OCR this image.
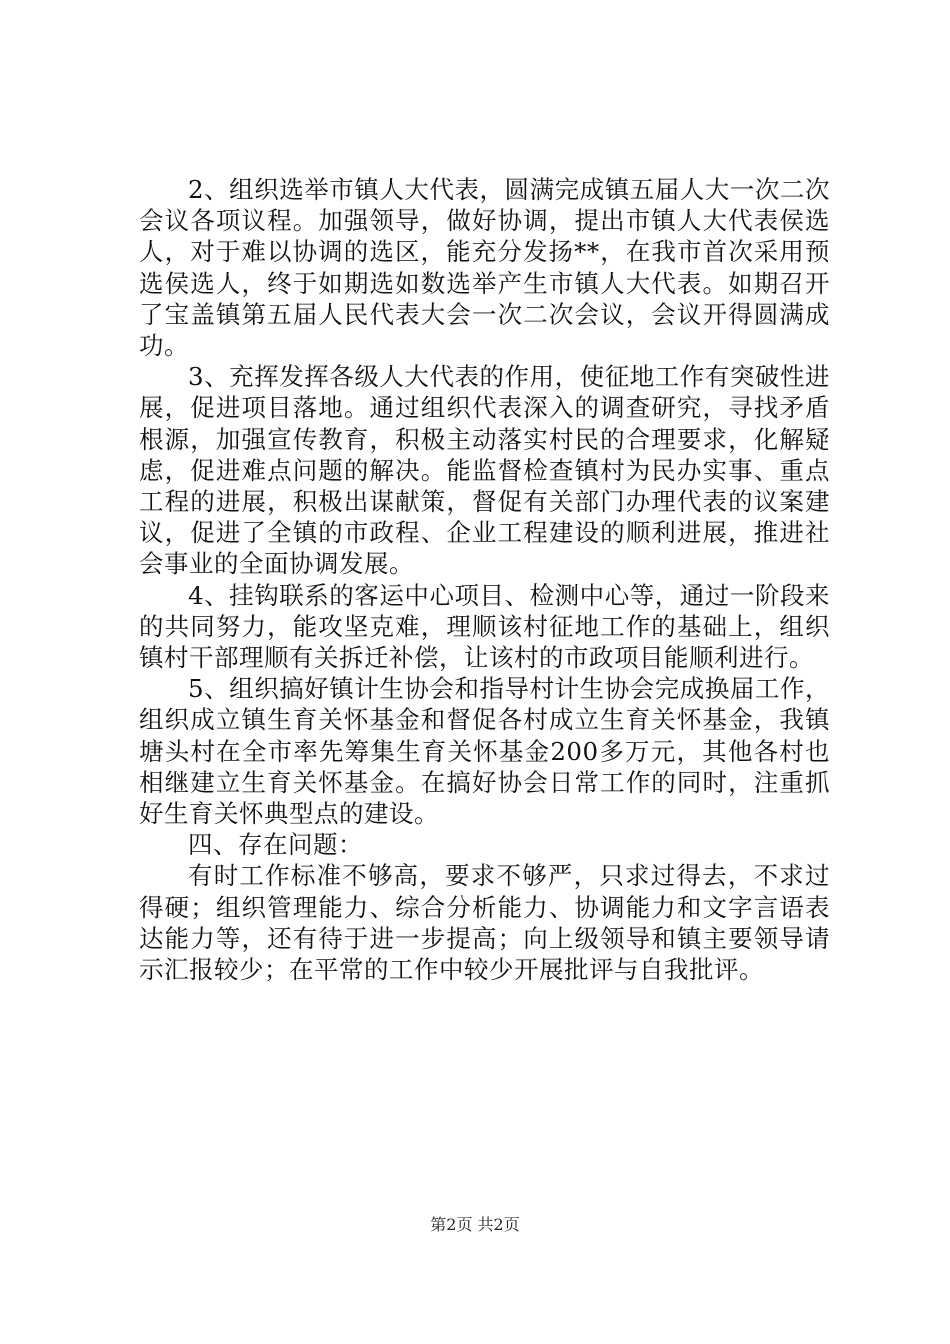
2、组织选举市镇人大代表，圆满完成镇五届人大一次二次会议各项议程。加强领导，做好协调，提出市镇人大代表侯选人，对于难以协调的选区，能充分发扬**，在我市首次采用预选侯选人，终于如期选如数选举产生市镇人大代表。如期召开了宝盖镇第五届人民代表大会一次二次会议，会议开得圆满成功。

3、充挥发挥各级人大代表的作用，使征地工作有突破性进展，促进项目落地。通过组织代表深入的调查研究，寻找矛盾根源，加强宣传教育，积极主动落实村民的合理要求，化解疑虑，促进难点问题的解决。能监督检查镇村为民办实事、重点工程的进展，积极出谋献策，督促有关部门办理代表的议案建议，促进了全镇的市政程、企业工程建设的顺利进展，推进社会事业的全面协调发展。

4、挂钩联系的客运中心项目、检测中心等，通过一阶段来的共同努力，能攻坚克难，理顺该村征地工作的基础上，组织镇村干部理顺有关拆迁补偿，让该村的市政项目能顺利进行。

5、组织搞好镇计生协会和指导村计生协会完成换届工作，组织成立镇生育关怀基金和督促各村成立生育关怀基金，我镇塘头村在全市率先筹集生育关怀基金200多万元，其他各村也相继建立生育关怀基金。在搞好协会日常工作的同时，注重抓好生育关怀典型点的建设。

四、存在问题：

有时工作标准不够高，要求不够严，只求过得去，不求过得硬；组织管理能力、综合分析能力、协调能力和文字言语表达能力等，还有待于进一步提高；向上级领导和镇主要领导请示汇报较少；在平常的工作中较少开展批评与自我批评。

第2页 共2页
